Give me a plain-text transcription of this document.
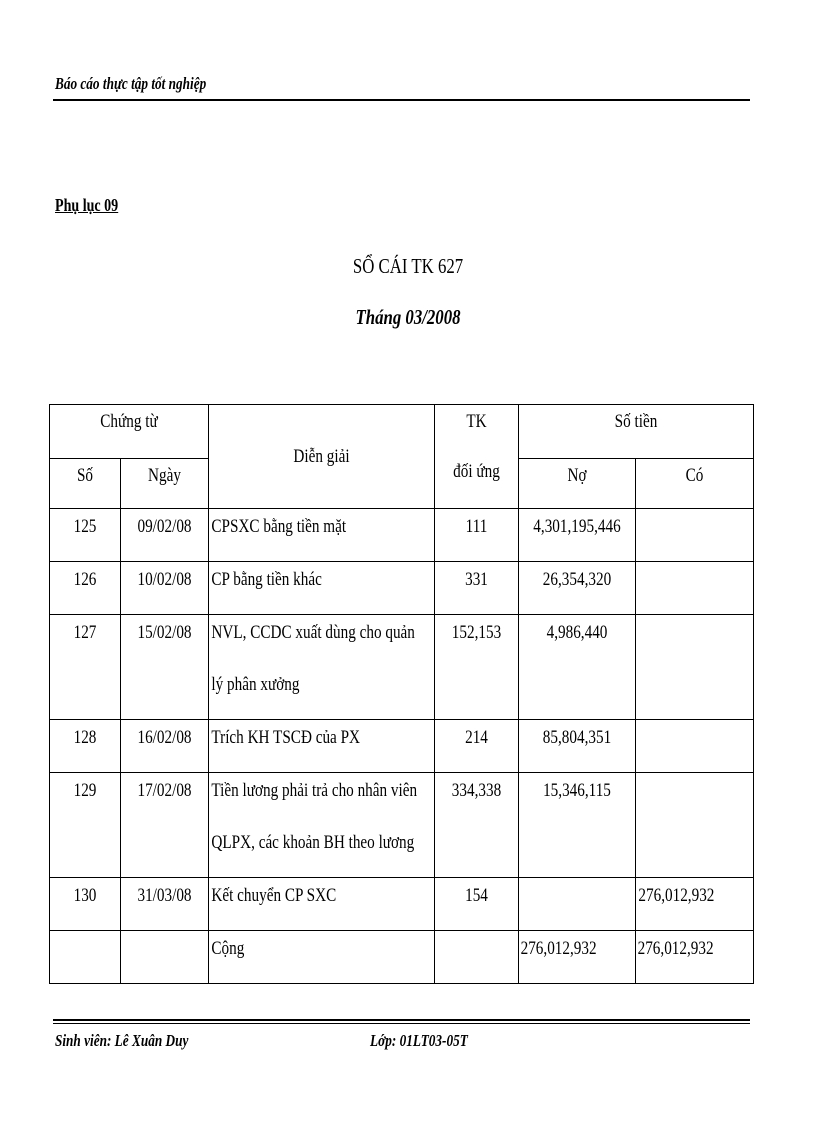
Báo cáo thực tập tốt nghiệp
Phụ lục 09
SỔ CÁI TK 627
Tháng 03/2008
Chứng từ		Diễn giải	TK
đối ứng	Số tiền	

Số	Ngày			Nợ	Có

125	09/02/08	CPSXC bằng tiền mặt	111	4,301,195,446	

126	10/02/08	CP bằng tiền khác	331	26,354,320	

127	15/02/08	NVL, CCDC xuất dùng cho quản
lý phân xưởng	152,153	4,986,440	

128	16/02/08	Trích KH TSCĐ của PX	214	85,804,351	

129	17/02/08	Tiền lương phải trả cho nhân viên
QLPX, các khoản BH theo lương	334,338	15,346,115	

130	31/03/08	Kết chuyển CP SXC	154		276,012,932

		Cộng		276,012,932	276,012,932
Sinh viên: Lê Xuân Duy	Lớp: 01LT03-05T
